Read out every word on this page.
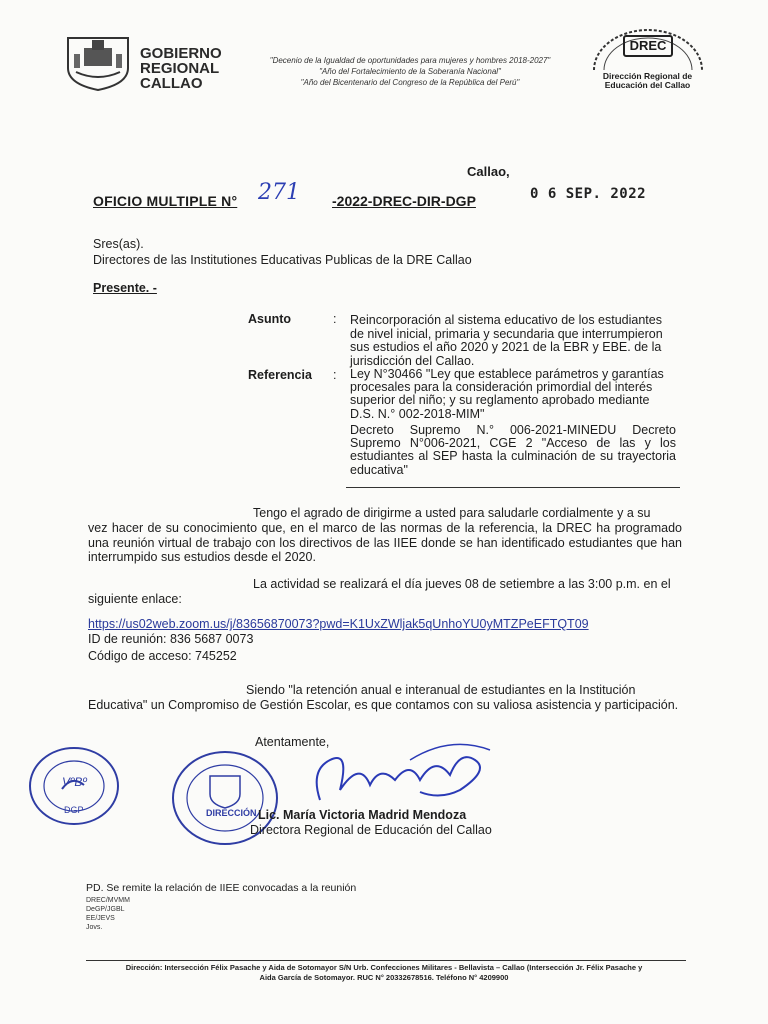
GOBIERNO
REGIONAL
CALLAO
"Decenio de la Igualdad de oportunidades para mujeres y hombres 2018-2027"
"Año del Fortalecimiento de la Soberanía Nacional"
"Año del Bicentenario del Congreso de la República del Perú"
DREC
Dirección Regional de
Educación del Callao
Callao,
OFICIO MULTIPLE N° 271 -2022-DREC-DIR-DGP	0 6 SEP. 2022
Sres(as).
Directores de las Institutiones Educativas Publicas de la DRE Callao
Presente. -
Asunto	: Reincorporación al sistema educativo de los estudiantes de nivel inicial, primaria y secundaria que interrumpieron sus estudios el año 2020 y 2021 de la EBR y EBE. de la jurisdicción del Callao.
Referencia : Ley N°30466 "Ley que establece parámetros y garantías procesales para la consideración primordial del interés superior del niño; y su reglamento aprobado mediante D.S. N.° 002-2018-MIM"
Decreto Supremo N.° 006-2021-MINEDU Decreto Supremo N°006-2021, CGE 2 "Acceso de las y los estudiantes al SEP hasta la culminación de su trayectoria educativa"
Tengo el agrado de dirigirme a usted para saludarle cordialmente y a su
vez hacer de su conocimiento que, en el marco de las normas de la referencia, la DREC ha programado una reunión virtual de trabajo con los directivos de las IIEE donde se han identificado estudiantes que han interrumpido sus estudios desde el 2020.
La actividad se realizará el día jueves 08 de setiembre a las 3:00 p.m. en el
siguiente enlace:
https://us02web.zoom.us/j/83656870073?pwd=K1UxZWljak5qUnhoYU0yMTZPeEFTQT09
ID de reunión: 836 5687 0073
Código de acceso: 745252
Siendo "la retención anual e interanual de estudiantes en la Institución
Educativa" un Compromiso de Gestión Escolar, es que contamos con su valiosa asistencia y participación.
Atentamente,
VºBº
DGP	DIRECCIÓN Lic. María Victoria Madrid Mendoza
Directora Regional de Educación del Callao
PD. Se remite la relación de IIEE convocadas a la reunión
DREC/MVMM
DeGP/JGBL
EE/JEVS
Jovs.
Dirección: Intersección Félix Pasache y Aida de Sotomayor S/N Urb. Confecciones Militares - Bellavista – Callao (Intersección Jr. Félix Pasache y
Aida García de Sotomayor. RUC N° 20332678516. Teléfono N° 4209900
